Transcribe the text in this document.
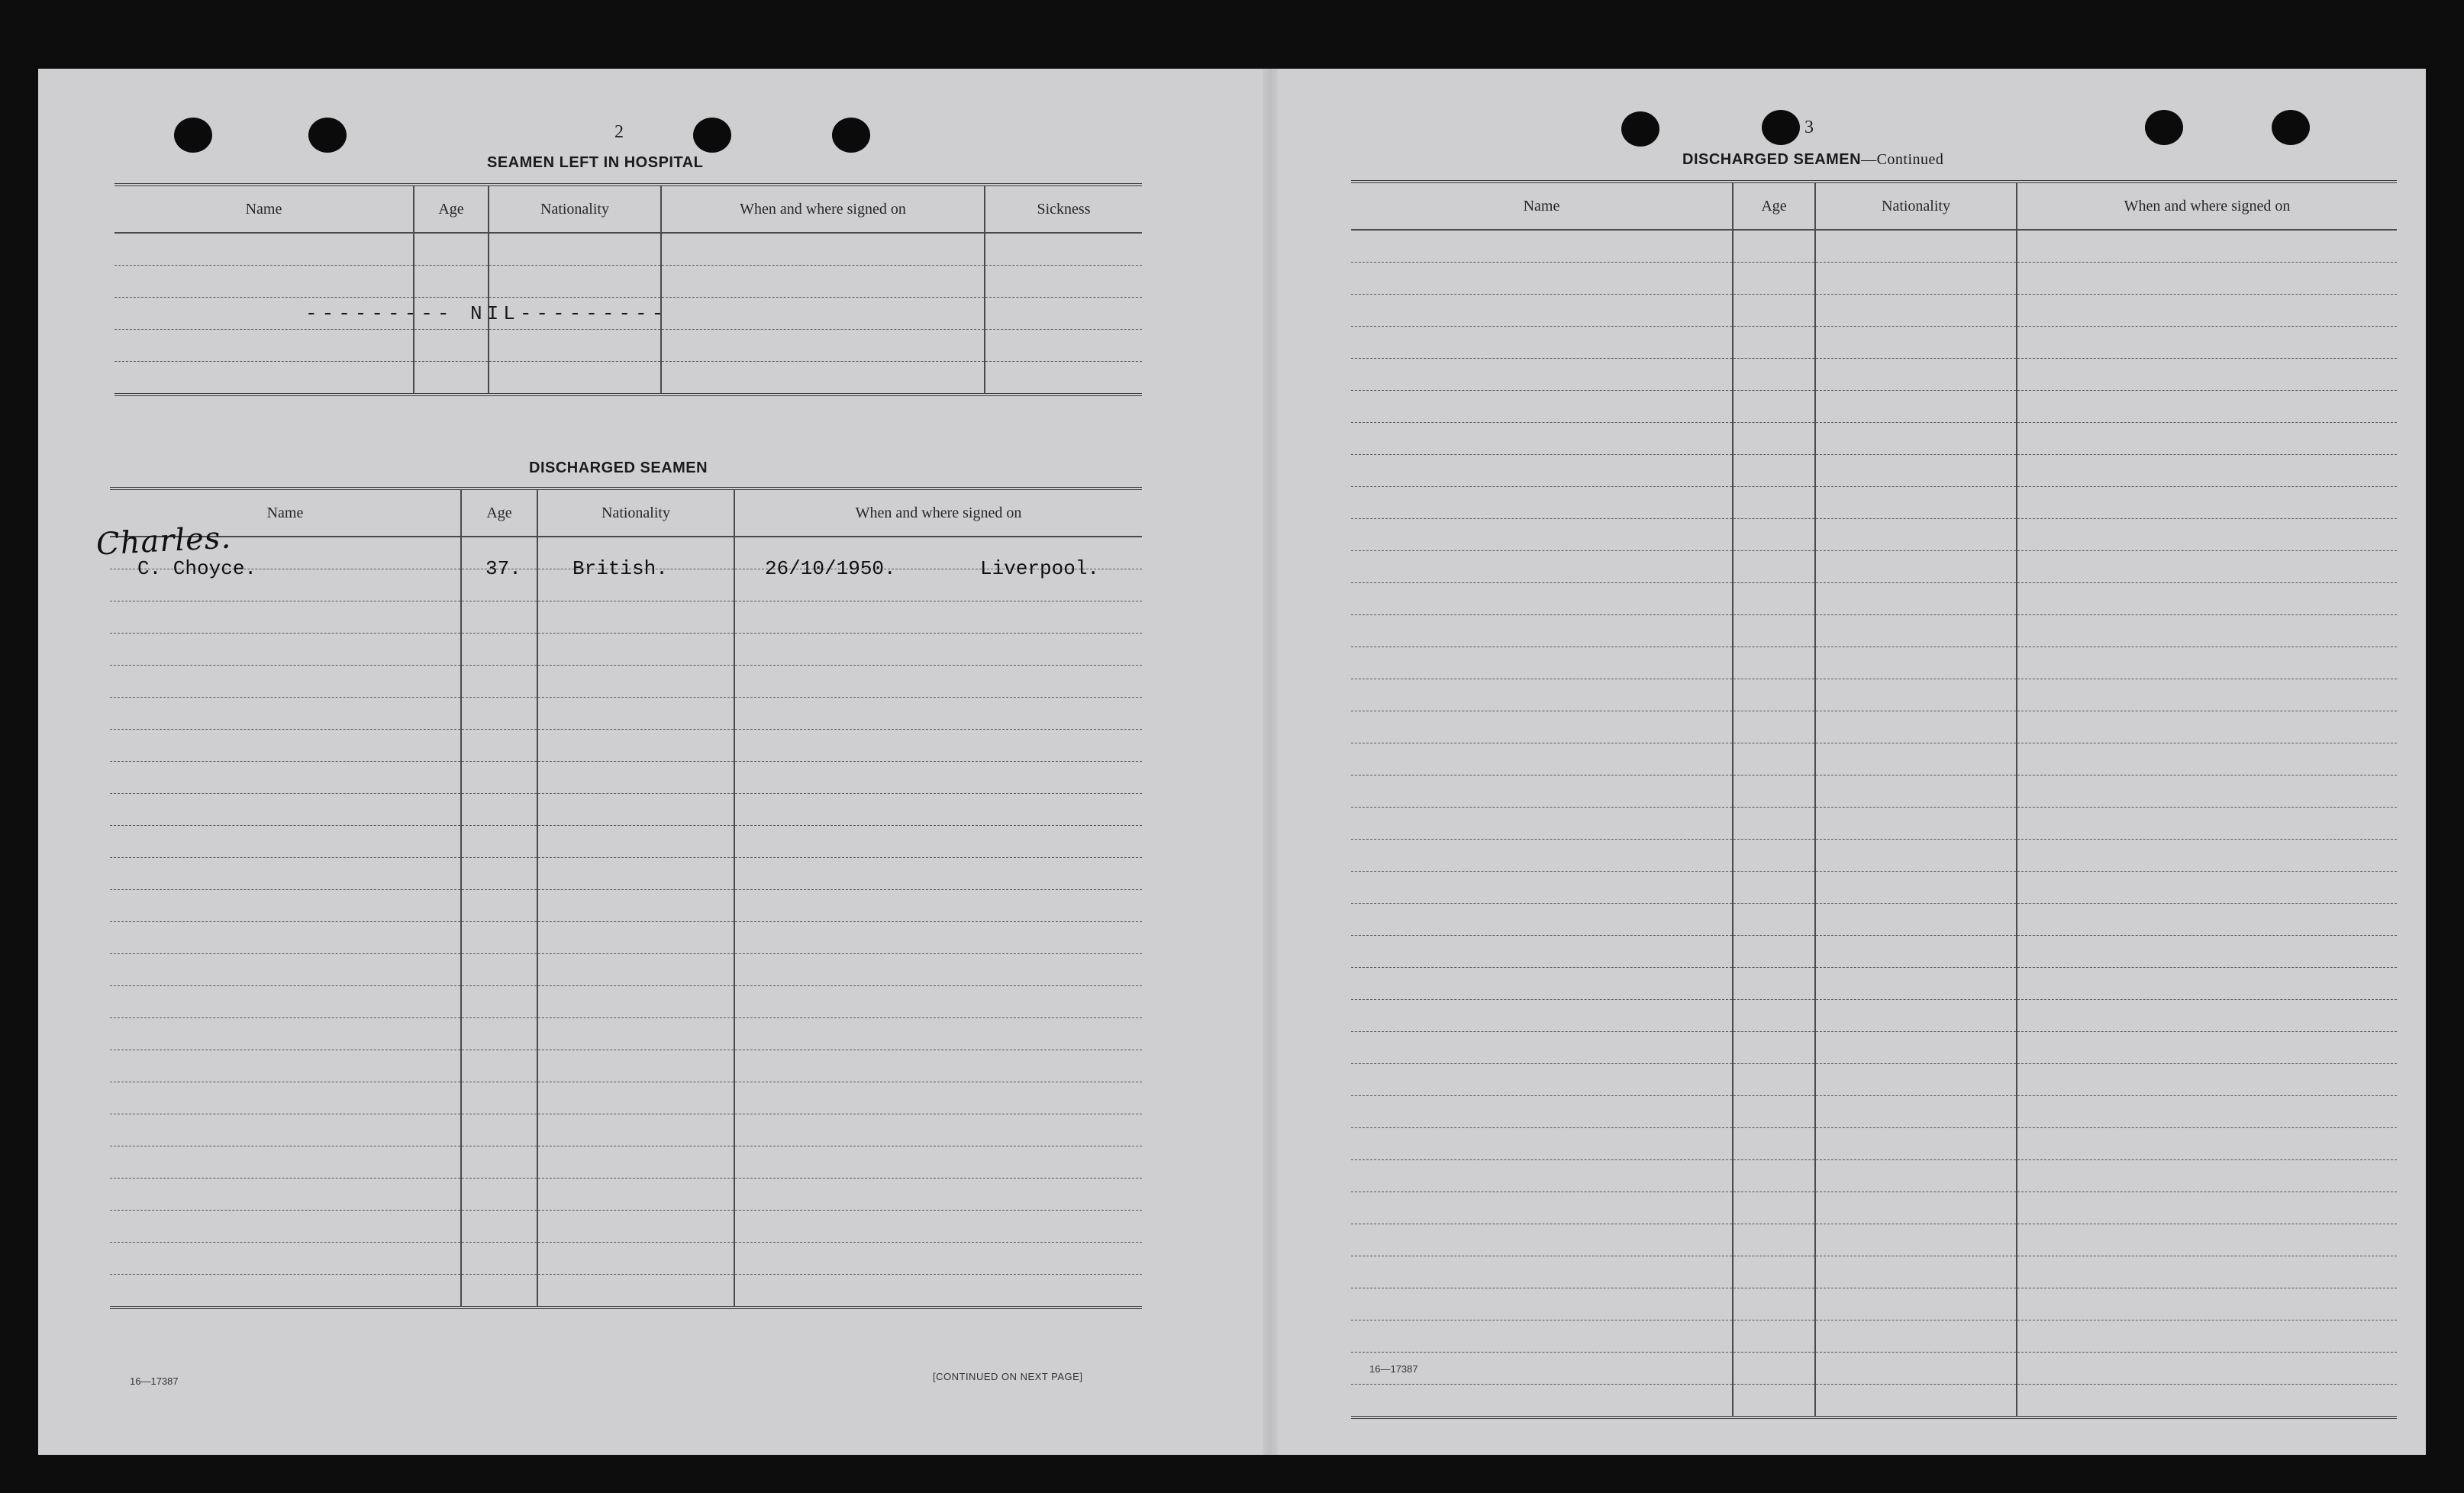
2
SEAMEN LEFT IN HOSPITAL
Name	Age	Nationality	When and where signed on	Sickness

--------- NIL---------
DISCHARGED SEAMEN
Name	Age	Nationality	When and where signed on

Charles.
C. Choyce.	37.	British.	26/10/1950.	Liverpool.
16—17387	[CONTINUED ON NEXT PAGE]
3
DISCHARGED SEAMEN—Continued
Name	Age	Nationality	When and where signed on

16—17387
